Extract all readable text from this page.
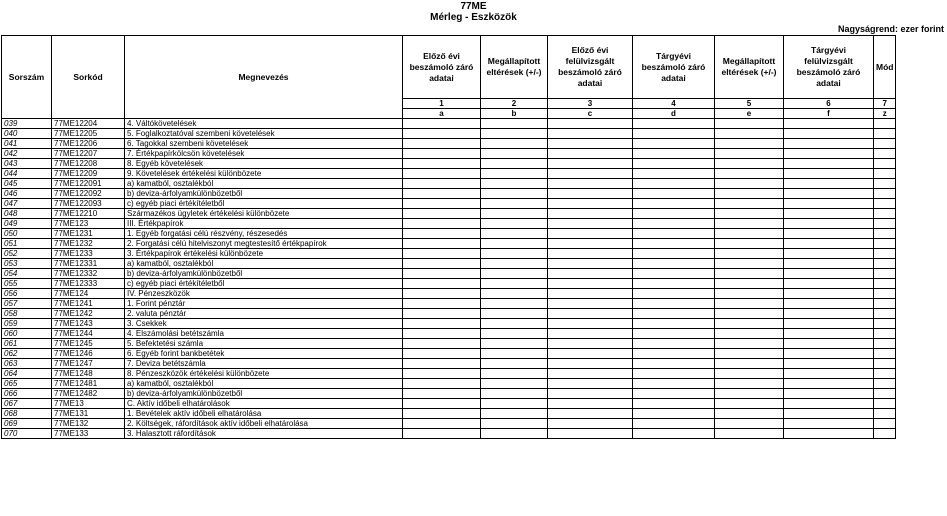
77ME
Mérleg - Eszközök
Nagyságrend: ezer forint
Sorszám	Sorkód	Megnevezés	Előző évi beszámoló záró adatai	Megállapított eltérések (+/-)	Előző évi felülvizsgált beszámoló záró adatai	Tárgyévi beszámoló záró adatai	Megállapított eltérések (+/-)	Tárgyévi felülvizsgált beszámoló záró adatai	Mód
			1	2	3	4	5	6	7
			a	b	c	d	e	f	z
039	77ME12204	4. Váltókövetelések							
040	77ME12205	5. Foglalkoztatóval szembeni követelések							
041	77ME12206	6. Tagokkal szembeni követelések							
042	77ME12207	7. Értékpapírkölcsön követelések							
043	77ME12208	8. Egyéb követelések							
044	77ME12209	9. Követelések értékelési különbözete							
045	77ME122091	a) kamatból, osztalékból							
046	77ME122092	b) deviza-árfolyamkülönbözetből							
047	77ME122093	c) egyéb piaci értékítéletből							
048	77ME12210	Származékos ügyletek értékelési különbözete							
049	77ME123	III. Értékpapírok							
050	77ME1231	1. Egyéb forgatási célú részvény, részesedés							
051	77ME1232	2. Forgatási célú hitelviszonyt megtestesítő értékpapírok							
052	77ME1233	3. Értékpapírok értékelési különbözete							
053	77ME12331	a) kamatból, osztalékból							
054	77ME12332	b) deviza-árfolyamkülönbözetből							
055	77ME12333	c) egyéb piaci értékítéletből							
056	77ME124	IV. Pénzeszközök							
057	77ME1241	1. Forint pénztár							
058	77ME1242	2. valuta pénztár							
059	77ME1243	3. Csekkek							
060	77ME1244	4. Elszámolási betétszámla							
061	77ME1245	5. Befektetési számla							
062	77ME1246	6. Egyéb forint bankbetétek							
063	77ME1247	7. Deviza betétszámla							
064	77ME1248	8. Pénzeszközök értékelési különbözete							
065	77ME12481	a) kamatból, osztalékból							
066	77ME12482	b) deviza-árfolyamkülönbözetből							
067	77ME13	C. Aktív időbeli elhatárolások							
068	77ME131	1. Bevételek aktív időbeli elhatárolása							
069	77ME132	2. Költségek, ráfordítások aktív időbeli elhatárolása							
070	77ME133	3. Halasztott ráfordítások							
